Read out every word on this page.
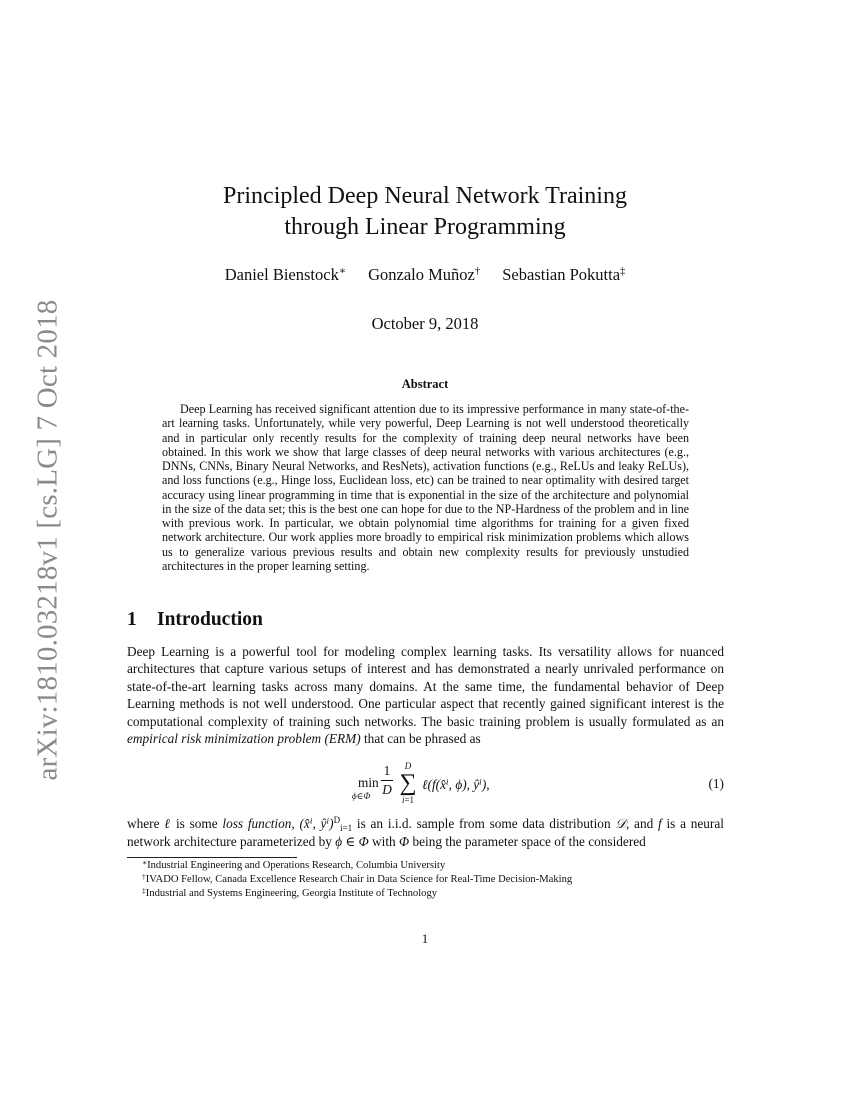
arXiv:1810.03218v1 [cs.LG] 7 Oct 2018
Principled Deep Neural Network Training
through Linear Programming
Daniel Bienstock∗ Gonzalo Muñoz† Sebastian Pokutta‡
October 9, 2018
Abstract
Deep Learning has received significant attention due to its impressive performance in many state-of-the-art learning tasks. Unfortunately, while very powerful, Deep Learning is not well understood theoretically and in particular only recently results for the complexity of training deep neural networks have been obtained. In this work we show that large classes of deep neural networks with various architectures (e.g., DNNs, CNNs, Binary Neural Networks, and ResNets), activation functions (e.g., ReLUs and leaky ReLUs), and loss functions (e.g., Hinge loss, Euclidean loss, etc) can be trained to near optimality with desired target accuracy using linear programming in time that is exponential in the size of the architecture and polynomial in the size of the data set; this is the best one can hope for due to the NP-Hardness of the problem and in line with previous work. In particular, we obtain polynomial time algorithms for training for a given fixed network architecture. Our work applies more broadly to empirical risk minimization problems which allows us to generalize various previous results and obtain new complexity results for previously unstudied architectures in the proper learning setting.
1 Introduction
Deep Learning is a powerful tool for modeling complex learning tasks. Its versatility allows for nuanced architectures that capture various setups of interest and has demonstrated a nearly unrivaled performance on state-of-the-art learning tasks across many domains. At the same time, the fundamental behavior of Deep Learning methods is not well understood. One particular aspect that recently gained significant interest is the computational complexity of training such networks. The basic training problem is usually formulated as an empirical risk minimization problem (ERM) that can be phrased as
min
ϕ∈Φ
1
D
D
∑
i=1
ℓ(f(x̂ⁱ, ϕ), ŷⁱ),	(1)
where ℓ is some loss function, (x̂ⁱ, ŷⁱ)$^D_{i=1}$ is an i.i.d. sample from some data distribution 𝒟, and f is a neural network architecture parameterized by ϕ ∈ Φ with Φ being the parameter space of the considered
∗Industrial Engineering and Operations Research, Columbia University
†IVADO Fellow, Canada Excellence Research Chair in Data Science for Real-Time Decision-Making
‡Industrial and Systems Engineering, Georgia Institute of Technology
1
